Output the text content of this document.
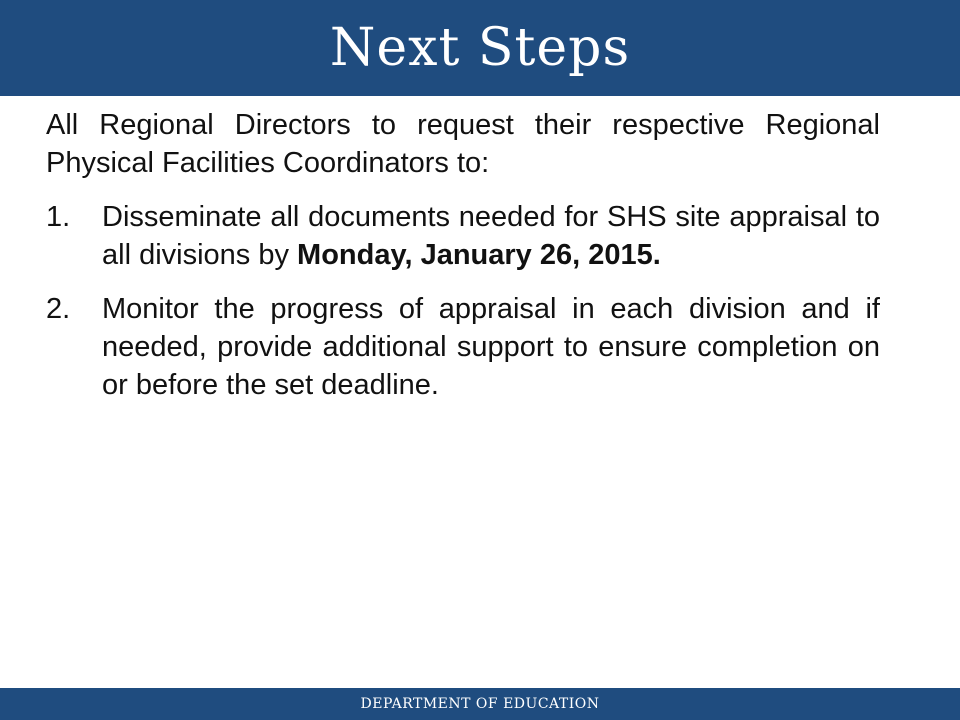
Next Steps

All Regional Directors to request their respective Regional Physical Facilities Coordinators to:

1. Disseminate all documents needed for SHS site appraisal to all divisions by Monday, January 26, 2015.
2. Monitor the progress of appraisal in each division and if needed, provide additional support to ensure completion on or before the set deadline.
DEPARTMENT OF EDUCATION
